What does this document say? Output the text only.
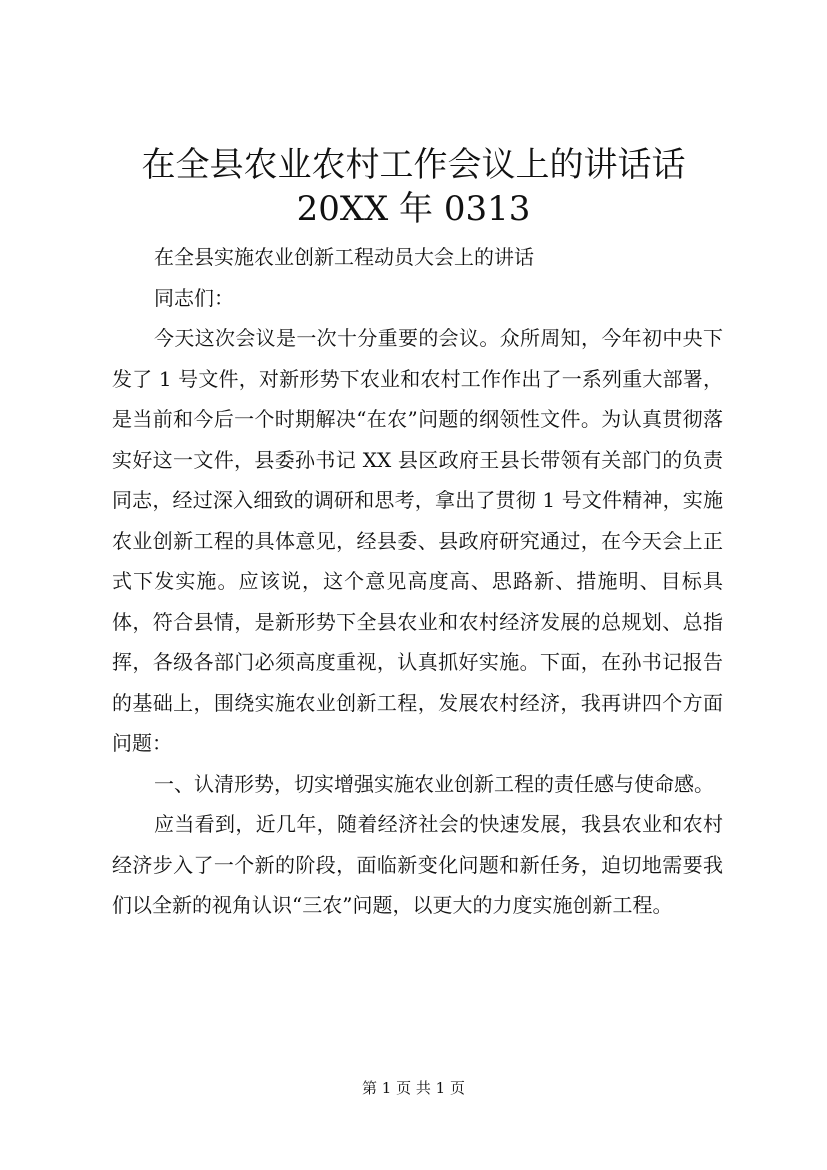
在全县农业农村工作会议上的讲话话 20XX 年 0313

在全县实施农业创新工程动员大会上的讲话

同志们：

今天这次会议是一次十分重要的会议。众所周知，今年初中央下发了 1 号文件，对新形势下农业和农村工作作出了一系列重大部署，是当前和今后一个时期解决“在农”问题的纲领性文件。为认真贯彻落实好这一文件，县委孙书记 XX 县区政府王县长带领有关部门的负责同志，经过深入细致的调研和思考，拿出了贯彻 1 号文件精神，实施农业创新工程的具体意见，经县委、县政府研究通过，在今天会上正式下发实施。应该说，这个意见高度高、思路新、措施明、目标具体，符合县情，是新形势下全县农业和农村经济发展的总规划、总指挥，各级各部门必须高度重视，认真抓好实施。下面，在孙书记报告的基础上，围绕实施农业创新工程，发展农村经济，我再讲四个方面问题：

一、认清形势，切实增强实施农业创新工程的责任感与使命感。

应当看到，近几年，随着经济社会的快速发展，我县农业和农村经济步入了一个新的阶段，面临新变化问题和新任务，迫切地需要我们以全新的视角认识“三农”问题，以更大的力度实施创新工程。

第 1 页 共 1 页
